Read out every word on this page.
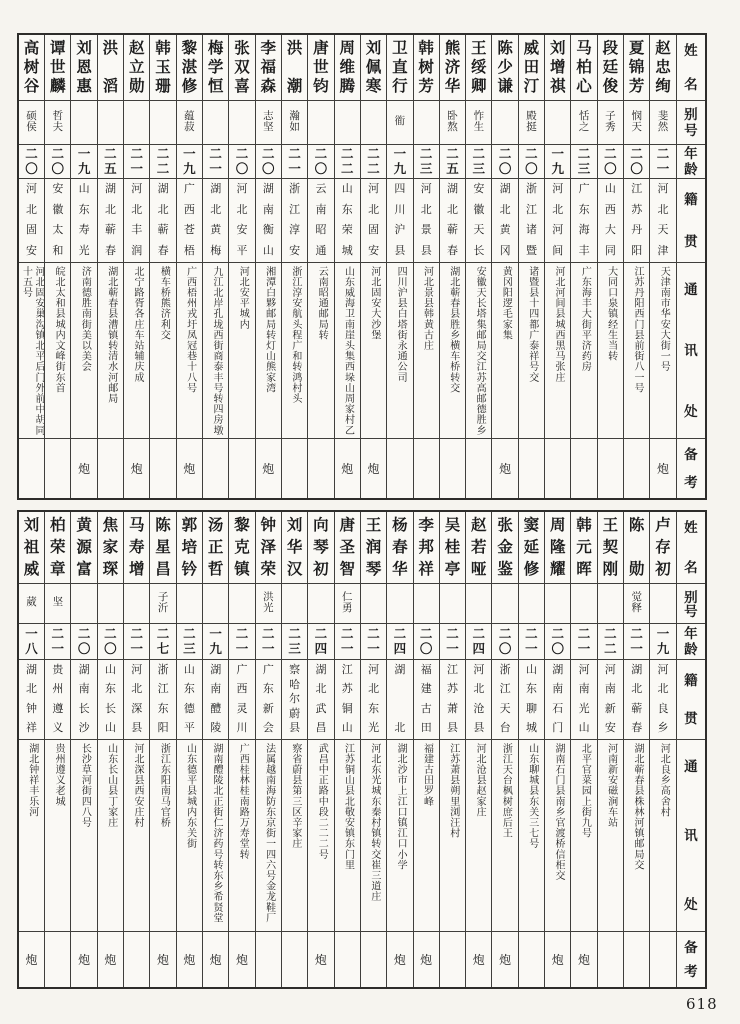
姓
名
别
号
年
龄
籍
贯
通
讯
处
备
考
赵
忠
绚
斐
然
二
一
河
北
天
津
天津南市华安大街一号
炮
夏
锦
芳
悯
天
二
〇
江
苏
丹
阳
江苏丹阳西门县前街八一号
段
廷
俊
子
秀
二
〇
山
西
大
同
大同口泉镇经生当转
马
柏
心
恬
之
二
三
广
东
海
丰
广东海丰大街平济药房
刘
增
祺
一
九
河
北
河
间
河北河间县城西黑马张庄
威
田
汀
殿
挺
二
〇
浙
江
诸
暨
诸暨县十四都广泰祥号交
陈
少
谦
二
〇
湖
北
黄
冈
黄冈阳逻毛家集
炮
王
绥
卿
怍
生
二
三
安
徽
天
长
安徽天长塔集邮局交江苏高邮德胜乡
熊
济
华
卧
熬
二
五
湖
北
蕲
春
湖北蕲春县胜乡横车桥转交
韩
树
芳
二
三
河
北
景
县
河北景县韩黄古庄
卫
直
行
衜
一
九
四
川
沪
县
四川沪县白塔街永通公司
刘
佩
寒
二
二
河
北
固
安
河北固安大沙堡
炮
周
维
腾
二
二
山
东
荣
城
山东威海卫南崖头集西垛山周家村乙
炮
唐
世
钧
二
〇
云
南
昭
通
云南昭通邮局转
洪
潮
瀚
如
二
一
浙
江
淳
安
浙江淳安航头程广和转鸿村头
李
福
森
志
坚
二
〇
湖
南
衡
山
湘潭白夥邮局转灯山熊家湾
炮
张
双
喜
二
〇
河
北
安
平
河北安平城内
梅
学
恒
二
一
湖
北
黄
梅
九江北岸孔垅西街商泰丰号转四房墩
黎
湛
修
蕴
菽
一
九
广
西
苍
梧
广西梧州戎圩凤冠巷十八号
炮
韩
玉
珊
二
二
湖
北
蕲
春
横车桥熊济利交
赵
立
勋
二
一
河
北
丰
润
北宁路胥各庄车站辅庆成
炮
洪
滔
二
五
湖
北
蕲
春
湖北蕲春县漕镇转清水河邮局
刘
恩
惠
一
九
山
东
寿
光
济南德胜南街美以美会
炮
谭
世
麟
哲
夫
二
〇
安
徽
太
和
皖北太和县城内文峰街东首
高
树
谷
硕
侯
二
〇
河
北
固
安
河北固安巢沟镇北平后门外前中胡同十五号
姓
名
别
号
年
龄
籍
贯
通
讯
处
备
考
卢
存
初
一
九
河
北
良
乡
河北良乡高舍村
陈
勋
觉
释
二
一
湖
北
蕲
春
湖北蕲春县株林河镇邮局交
王
契
刚
二
二
河
南
新
安
河南新安磁涧车站
韩
元
晖
二
一
河
南
光
山
北平官菜园上街九号
炮
周
隆
耀
二
〇
湖
南
石
门
湖南石门县南乡官渡桥信柜交
炮
窦
延
修
二
一
山
东
聊
城
山东聊城县东关三七号
张
金
鉴
二
〇
浙
江
天
台
浙江天台枫树庶后王
炮
赵
若
哑
二
四
河
北
沧
县
河北沧县赵家庄
炮
吴
桂
亭
二
一
江
苏
萧
县
江苏萧县朔里浏汪村
李
邦
祥
二
〇
福
建
古
田
福建古田罗峰
炮
杨
春
华
二
四
湖
北
湖北沙市上江口镇江口小学
炮
王
润
琴
二
一
河
北
东
光
河北东光城东秦村镇转交崔三道庄
唐
圣
智
仁
勇
二
一
江
苏
铜
山
江苏铜山县北敬安镇东门里
向
琴
初
二
四
湖
北
武
昌
武昌中正路中段二二二号
炮
刘
华
汉
二
三
察
哈
尔
蔚
县
察省蔚县第三区辛家庄
钟
泽
荣
洪
光
二
一
广
东
新
会
法属越南海防东京街一四六号金龙鞋厂
黎
克
镇
二
一
广
西
灵
川
广西桂林桂南路万寿堂转
炮
汤
正
哲
一
九
湖
南
醴
陵
湖南醴陵北正街仁济药号转东乡希贤堂
炮
郭
培
钤
二
三
山
东
德
平
山东德平县城内东关街
炮
陈
星
昌
子
沂
二
七
浙
江
东
阳
浙江东阳南马官桥
炮
马
寿
增
二
一
河
北
深
县
河北深县西安庄村
焦
家
琛
二
〇
山
东
长
山
山东长山县丁家庄
炮
黄
源
富
二
〇
湖
南
长
沙
长沙草河街四八号
炮
柏
荣
章
坚
二
一
贵
州
遵
义
贵州遵义老城
刘
祖
威
葳
一
八
湖
北
钟
祥
湖北钟祥丰乐河
炮
618
